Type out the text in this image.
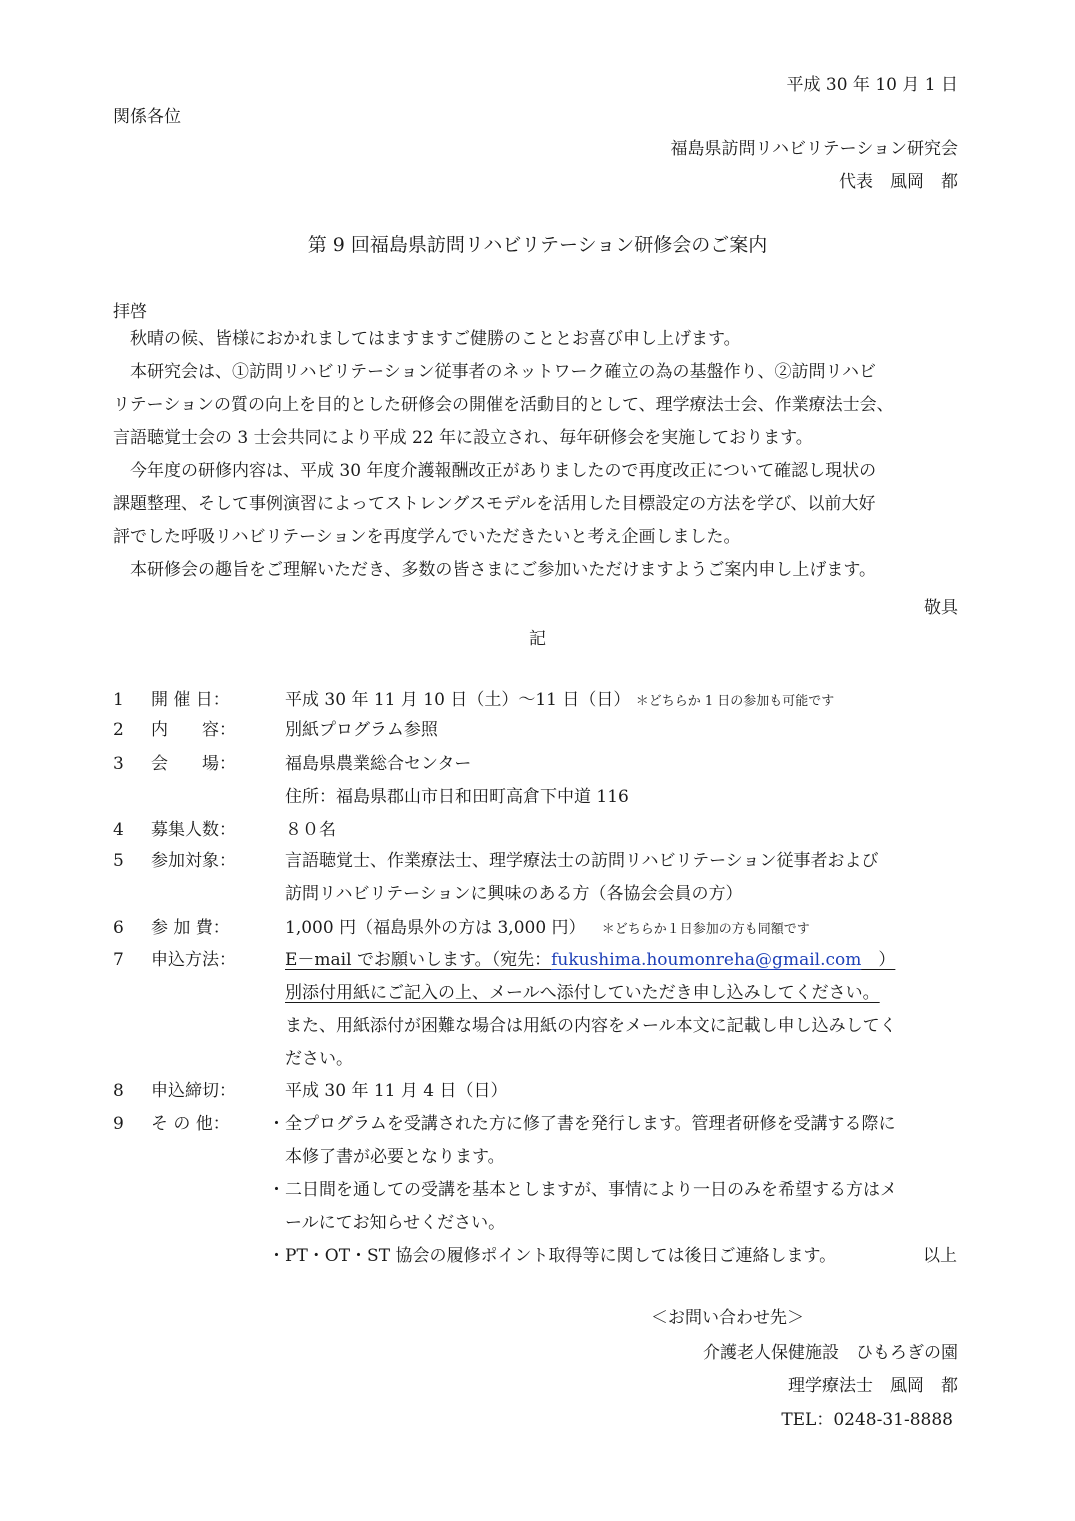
平成 30 年 10 月 1 日
関係各位
福島県訪問リハビリテーション研究会
代表　風岡　都
第 9 回福島県訪問リハビリテーション研修会のご案内
拝啓
秋晴の候、皆様におかれましてはますますご健勝のこととお喜び申し上げます。
本研究会は、①訪問リハビリテーション従事者のネットワーク確立の為の基盤作り、②訪問リハビ
リテーションの質の向上を目的とした研修会の開催を活動目的として、理学療法士会、作業療法士会、
言語聴覚士会の 3 士会共同により平成 22 年に設立され、毎年研修会を実施しております。
今年度の研修内容は、平成 30 年度介護報酬改正がありましたので再度改正について確認し現状の
課題整理、そして事例演習によってストレングスモデルを活用した目標設定の方法を学び、以前大好
評でした呼吸リハビリテーションを再度学んでいただきたいと考え企画しました。
本研修会の趣旨をご理解いただき、多数の皆さまにご参加いただけますようご案内申し上げます。
敬具
記
1	開 催 日：	平成 30 年 11 月 10 日（土）～11 日（日） ＊どちらか 1 日の参加も可能です
2	内　　容：	別紙プログラム参照
3	会　　場：	福島県農業総合センター
住所：福島県郡山市日和田町高倉下中道 116
4	募集人数：	８０名
5	参加対象：	言語聴覚士、作業療法士、理学療法士の訪問リハビリテーション従事者および
訪問リハビリテーションに興味のある方（各協会会員の方）
6	参 加 費：	1,000 円（福島県外の方は 3,000 円） ＊どちらか１日参加の方も同額です
7	申込方法：	E－mail でお願いします。（宛先：fukushima.houmonreha@gmail.com　）
別添付用紙にご記入の上、メールへ添付していただき申し込みしてください。
また、用紙添付が困難な場合は用紙の内容をメール本文に記載し申し込みしてく
ださい。
8	申込締切：	平成 30 年 11 月 4 日（日）
9	そ の 他：	・全プログラムを受講された方に修了書を発行します。管理者研修を受講する際に
本修了書が必要となります。
・二日間を通しての受講を基本としますが、事情により一日のみを希望する方はメ
ールにてお知らせください。
・PT・OT・ST 協会の履修ポイント取得等に関しては後日ご連絡します。	以上
＜お問い合わせ先＞
介護老人保健施設　ひもろぎの園
理学療法士　風岡　都
TEL：0248-31-8888
